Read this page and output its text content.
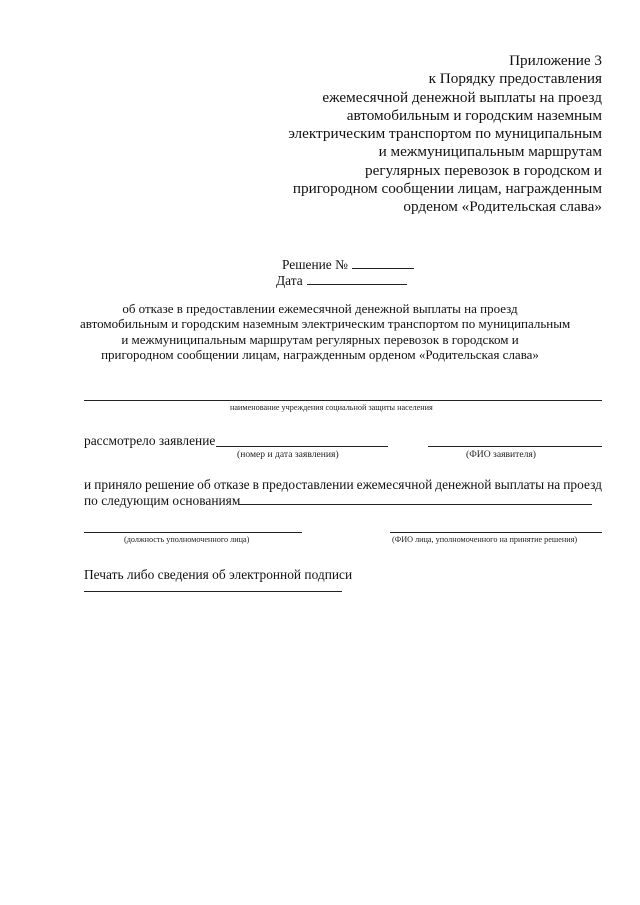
Приложение 3
к Порядку предоставления
ежемесячной денежной выплаты на проезд
автомобильным и городским наземным
электрическим транспортом по муниципальным
и межмуниципальным маршрутам
регулярных перевозок в городском и
пригородном сообщении лицам, награжденным
орденом «Родительская слава»
Решение №
Дата
об отказе в предоставлении ежемесячной денежной выплаты на проезд
автомобильным и городским наземным электрическим транспортом по муниципальным
и межмуниципальным маршрутам регулярных перевозок в городском и
пригородном сообщении лицам, награжденным орденом «Родительская слава»
наименование учреждения социальной защиты населения
рассмотрело заявление
(номер и дата заявления)	(ФИО заявителя)
и приняло решение об отказе в предоставлении ежемесячной денежной выплаты на проезд
по следующим основаниям
(должность уполномоченного лица)	(ФИО лица, уполномоченного на принятие решения)
Печать либо сведения об электронной подписи
